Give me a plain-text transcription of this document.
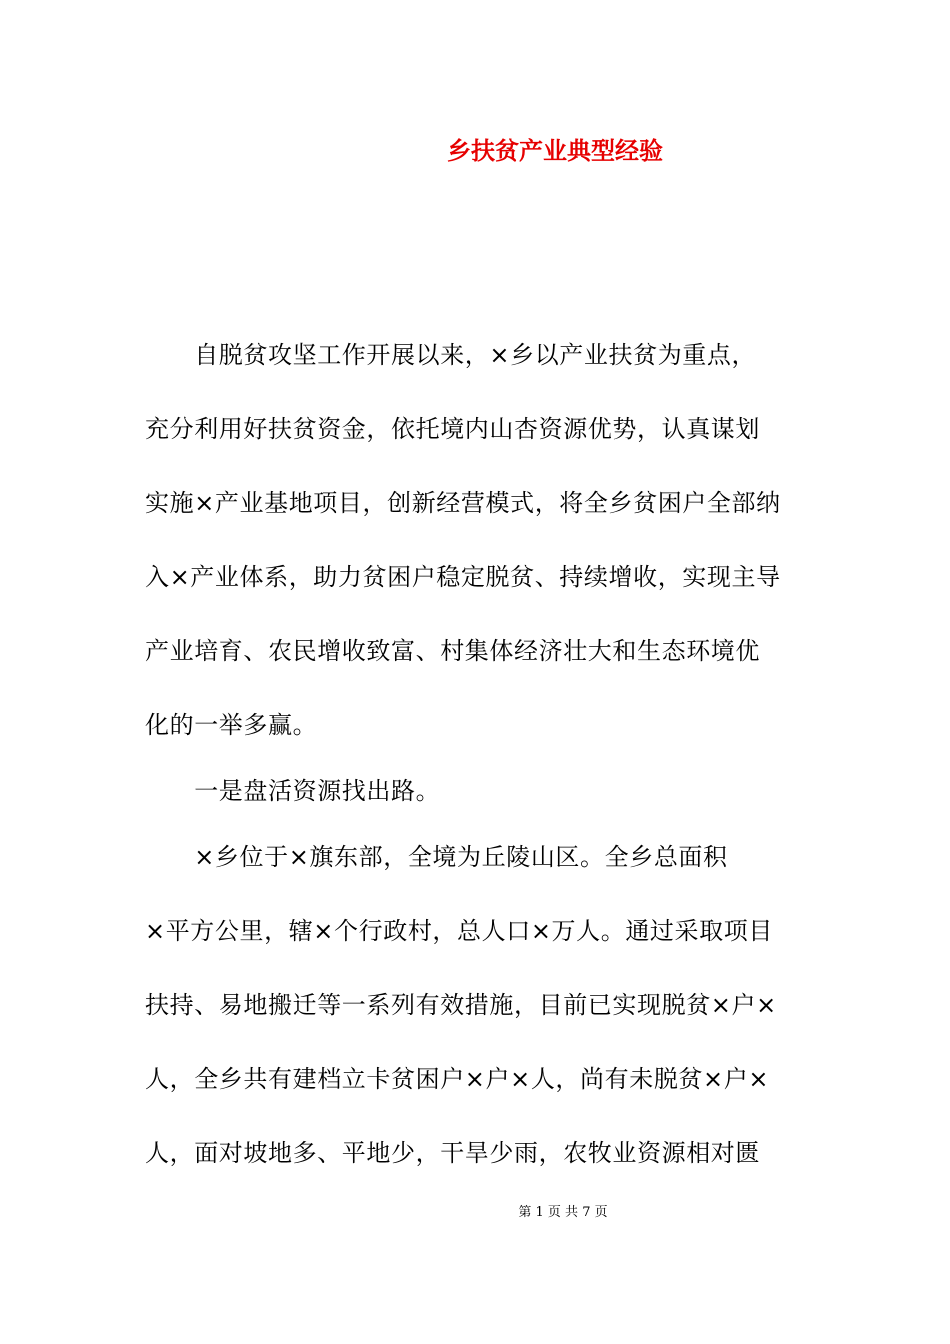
乡扶贫产业典型经验
　　自脱贫攻坚工作开展以来，×乡以产业扶贫为重点，
充分利用好扶贫资金，依托境内山杏资源优势，认真谋划
实施×产业基地项目，创新经营模式，将全乡贫困户全部纳
入×产业体系，助力贫困户稳定脱贫、持续增收，实现主导
产业培育、农民增收致富、村集体经济壮大和生态环境优
化的一举多赢。
　　一是盘活资源找出路。
　　×乡位于×旗东部，全境为丘陵山区。全乡总面积
×平方公里，辖×个行政村，总人口×万人。通过采取项目
扶持、易地搬迁等一系列有效措施，目前已实现脱贫×户×
人，全乡共有建档立卡贫困户×户×人，尚有未脱贫×户×
人，面对坡地多、平地少，干旱少雨，农牧业资源相对匮
第 1 页 共 7 页
